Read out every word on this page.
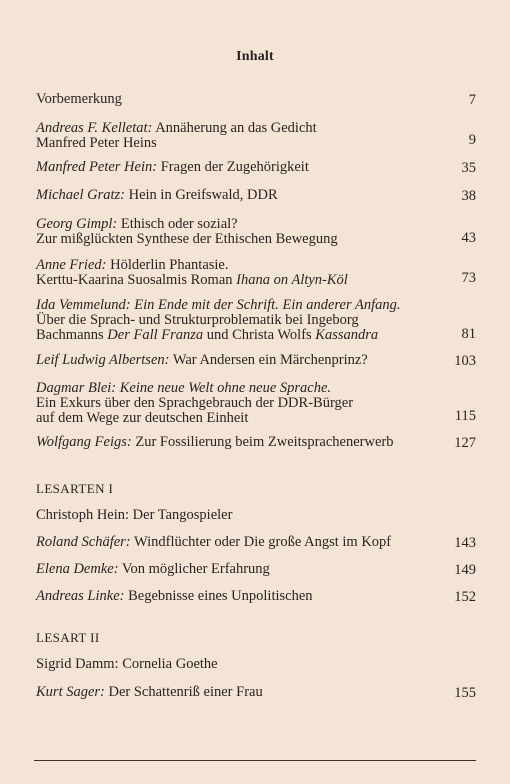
Inhalt
Vorbemerkung	7
Andreas F. Kelletat: Annäherung an das Gedicht
Manfred Peter Heins	9
Manfred Peter Hein: Fragen der Zugehörigkeit	35
Michael Gratz: Hein in Greifswald, DDR	38
Georg Gimpl: Ethisch oder sozial?
Zur mißglückten Synthese der Ethischen Bewegung	43
Anne Fried: Hölderlin Phantasie.
Kerttu-Kaarina Suosalmis Roman Ihana on Altyn-Köl	73
Ida Vemmelund: Ein Ende mit der Schrift. Ein anderer Anfang.
Über die Sprach- und Strukturproblematik bei Ingeborg
Bachmanns Der Fall Franza und Christa Wolfs Kassandra	81
Leif Ludwig Albertsen: War Andersen ein Märchenprinz?	103
Dagmar Blei: Keine neue Welt ohne neue Sprache.
Ein Exkurs über den Sprachgebrauch der DDR-Bürger
auf dem Wege zur deutschen Einheit	115
Wolfgang Feigs: Zur Fossilierung beim Zweitsprachenerwerb	127
LESARTEN I
Christoph Hein: Der Tangospieler
Roland Schäfer: Windflüchter oder Die große Angst im Kopf	143
Elena Demke: Von möglicher Erfahrung	149
Andreas Linke: Begebnisse eines Unpolitischen	152
LESART II
Sigrid Damm: Cornelia Goethe
Kurt Sager: Der Schattenriß einer Frau	155
